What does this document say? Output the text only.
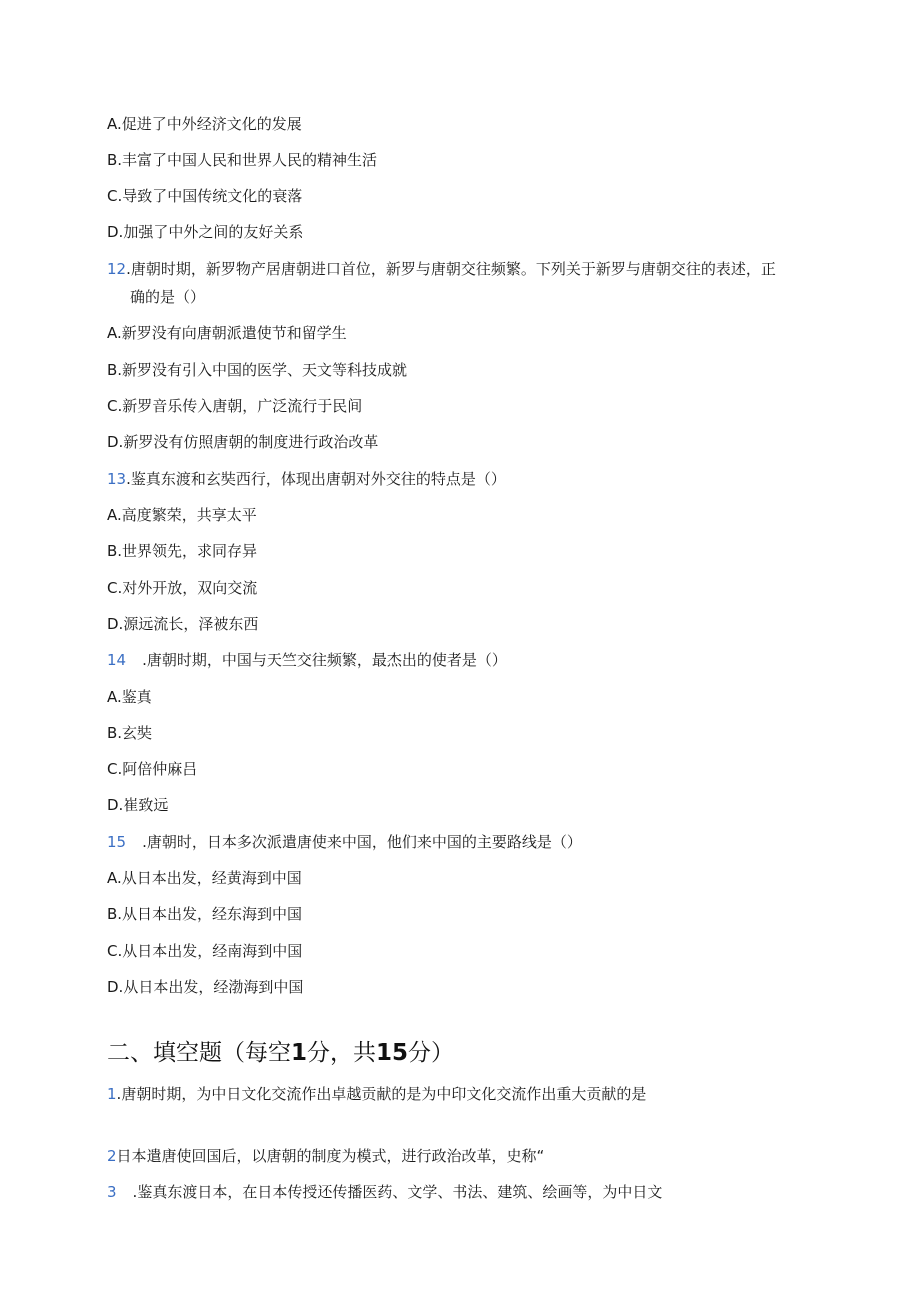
A.促进了中外经济文化的发展
B.丰富了中国人民和世界人民的精神生活
C.导致了中国传统文化的衰落
D.加强了中外之间的友好关系
12.唐朝时期，新罗物产居唐朝进口首位，新罗与唐朝交往频繁。下列关于新罗与唐朝交往的表述，正
确的是（）
A.新罗没有向唐朝派遣使节和留学生
B.新罗没有引入中国的医学、天文等科技成就
C.新罗音乐传入唐朝，广泛流行于民间
D.新罗没有仿照唐朝的制度进行政治改革
13.鉴真东渡和玄奘西行，体现出唐朝对外交往的特点是（）
A.高度繁荣，共享太平
B.世界领先，求同存异
C.对外开放，双向交流
D.源远流长，泽被东西
14 .唐朝时期，中国与天竺交往频繁，最杰出的使者是（）
A.鉴真
B.玄奘
C.阿倍仲麻吕
D.崔致远
15 .唐朝时，日本多次派遣唐使来中国，他们来中国的主要路线是（）
A.从日本出发，经黄海到中国
B.从日本出发，经东海到中国
C.从日本出发，经南海到中国
D.从日本出发，经渤海到中国
二、填空题（每空1分，共15分）
1.唐朝时期，为中日文化交流作出卓越贡献的是为中印文化交流作出重大贡献的是
2日本遣唐使回国后，以唐朝的制度为模式，进行政治改革，史称“
3 .鉴真东渡日本，在日本传授还传播医药、文学、书法、建筑、绘画等，为中日文
